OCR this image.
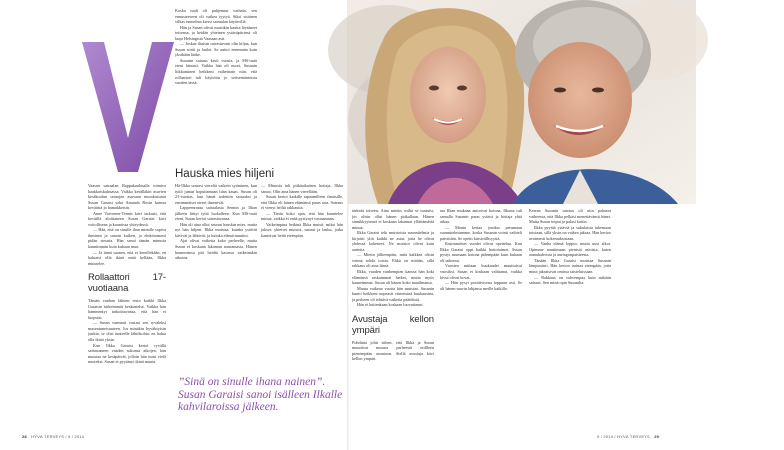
Vaasan sairaalan Rappakaulasalla toimiva kaakkoiskulmassa. Vaikka kesälläkin asuvien kesäkoulun seurojen asuvaan muodostunut Susan Garaisi sekä Amanda Rosin kanssa keväästä jo hamakkeisin.

Anne Voivonen-Tennis kävi tarkasti, että keväillä aloittaneen Susan Garaisi kävi voitollisena ja kauniissa yhteydessä.

— Hää, että on sinulle ihan minulle sopiva ihminen ja sanoin kaiken, ja ehdottomasti pidän sinusta. Hän sanoi tämän minusta kauniimmin kuin kukaan muu.

— Ja tämä saanen, että ei kenellekään, en haluaisi olla ikinä enää kellään, Ilkka muistelee.

Rollaattori 17-vuotiaana

Tämän vanhan lähtien etsin kaikki Ilkka Garaisin tärkeimmät keskustelut. Vaikka hän hämmentyi tarkoittavansa, että hän ei luopuisi.

— Susan varmasti vastasi sen ryväleksi masentuneisuuteen. Jos minäkin hyväksyisin jonkin, se olisi tunteelle lähtökohta: en halua olla ikinä yksin.

Kun Ilkka Garaisi kertoi ryvällä sairastaneen vaaden sukunsa aikojen, hän muistaa ne kesäpäivät, jolloin hän tunsi vielä nuoreksi. Susan ei pyytänyt ikinä muuta.

Koska tuuli oli puhjennut varhain, sen ennusteeseen oli vaikea tyytyä. Siksi sisäinen vilkas tunnelma kiersi sairaalan käytävillä.

Hän ja Susan olivat musiikin kautta löytäneet toisensa, ja heidän yhteinen ystäväpiirinsä oli laaja Helsingistä Vaasaan asti.

— Joskus iltaisin sairastuvani olin hiljaa, kun Susan soitti ja lauloi. Se auttoi enemmän kuin yksikään lääke.

Susanin sairaus kesti vuosia, ja MS-tauti eteni hitaasti. Vaikka hän oli nuori, Susanin liikkuminen heikkeni vaiheittain niin, että rollaattori tuli käyttöön jo seitsemäntoista vuoden iässä.

Hauska mies hiljeni

Hä-Ilkka seurasi viereltä vaikein syöminen, kun tyttö jumui hoputtamaan liian kauas. Susan oli 23-vuotias, kun hänet todettiin sairaaksi ja ensimmäiset oireet ilmenivät.

Lappeenranta sairaalasta Sennin ja Ilkan jälkeen liittyi tyttö luokalleen. Kun MS-tauti eteni, Susan kertoi sairastavansa.

Hän oli aina ollut seuran hauskin mies, mutta nyt hän hiljeni. Ilkka muistaa, kuinka ystävät kävivät ja lähtivät, ja kuinka elämä muuttui.

Ajat olivat vaikeita koko perheelle, mutta Susan ei koskaan lakannut nauramasta. Hänen huumorinsa piti heidät kasassa vaikeinakin aikoina.

— Minusta tuli pitkäaikainen hoitaja, Ilkka sanoo. Olin aina hänen vierellään.

Susan kertoi kaikille tapaamilleen ihmisille, että Ilkka oli hänen elämänsä paras asia. Sairaus ei vienyt heiltä rakkautta.

— Tiesin koko ajan, että hän kuuntelee minua, vaikka ei enää pystynyt vastaamaan.

Vaikeimpina hetkinä Ilkka muisti, miksi hän jaksoi: yhteiset muistot, naurut ja laulut, jotka kantoivat heitä eteenpäin.

”Sinä on sinulle ihana nainen”. Susan Garaisi sanoi isälleen Ilkalle kahvilaroissa jälkeen.
Punaisenoma Anne Tennis-Virta Susan ja Ilkka Garaisi veivät kuvissa.

tärkeää toiseen. Aina mietin, miltä se tuntuisi, jos olisin ollut hänen paikallaan. Hänen sinnikkyytensä ei koskaan lakannut yllättämästä minua.

Ilkka Garaisi teki muistoista suunnitelmia ja kirjoitti ylös kaikki ne asiat, joita he olivat yhdessä kokeneet. Ne muistot olivat kuin aarteita.

— Mietin jälkeenpäin, mitä kaikkea olisin voinut tehdä toisin. Ehkä en mitään, sillä rakkaus oli aina läsnä.

Ilkka, vuoden vanhempien kanssa hän koki elämänsä raskaimmat hetket, mutta myös kauneimmat. Susan oli hänen koko maailmansa.

Muuta vaikeaa vuotta hän muistaa. Susanin kunto heikkeni nopeasti viimeisinä kuukausina, ja perheen oli tehtävä vaikeita päätöksiä.

Hän ei kuitenkaan koskaan luovuttanut.

Avustaja kellon ympäri

Pohdinta johti siihen, että Ilkka ja Susan muuttivat muusta perheestä erillleen pienempään asuntoon. Siellä avustaja kävi kellon ympäri.

taa Ilkan mukana auttoivat kotona. Ilkasta tuli samalla Susanin paras ystävä ja hoitaja yhtä aikaa.

— Monta kertaa joudun perumaan suunnitelmiamme, koska Susanin vointi vaihteli päivittäin. Se opetti kärsivällisyyttä.

Ensimmäiset vuodet olivat opettelua. Kun Ilkka Garaisi oppi kaikki hoitotoimet, Susan pystyi asumaan kotona pidempään kuin kukaan oli uskonut.

Vuosien mittaan kuukaudet muuttuivat vuosiksi. Susan ei koskaan valittanut, vaikka kivut olivat kovat.

— Hän pysyi positiivisena loppuun asti. Se oli hänen suurin lahjansa meille kaikille.

Kerran Susanin sairaus oli niin pahassa vaiheessa, että Ilkka pelkäsi menettävänsä hänet. Mutta Susan toipui ja palasi kotiin.

Ilkka pyytää ystäviä ja sukulaisia tukemaan toisiaan, sillä yksin on vaikea jaksaa. Hän kertoo avoimesti kokemuksistaan.

— Vanha elämä loppui, mutta uusi alkoi. Opimme nauttimaan pienistä asioista, kuten aamukahvista ja auringonpaisteesta.

Tänään Ilkka Garaisi muistaa Susanin lämpimästi. Hän kertoo tarinaa eteenpäin, jotta muut jaksaisivat omissa taisteluissaan.

— Rakkaus on vahvempaa kuin mikään sairaus. Sen minä opin Susanilta.

28 HYVÄ TERVEYS / 9 / 2014	9 / 2014 / HYVÄ TERVEYS 29
